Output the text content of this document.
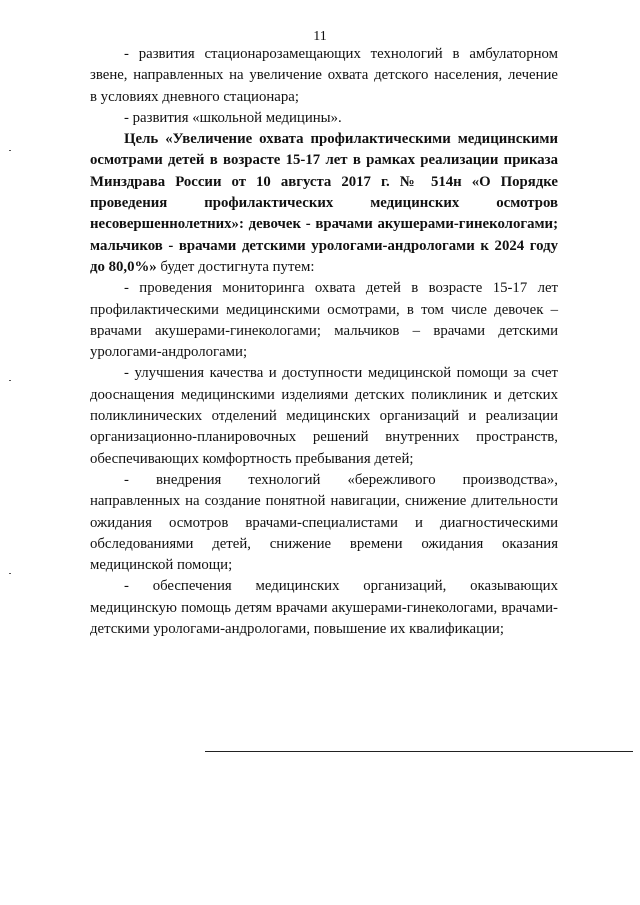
11
- развития стационарозамещающих технологий в амбулаторном
звене, направленных на увеличение охвата детского населения, лечение
в условиях дневного стационара;
- развития «школьной медицины».
Цель «Увеличение охвата профилактическими медицинскими
осмотрами детей в возрасте 15-17 лет в рамках реализации приказа
Минздрава России от 10 августа 2017 г. № 514н «О Порядке
проведения профилактических медицинских осмотров
несовершеннолетних»: девочек - врачами акушерами-гинекологами;
мальчиков - врачами детскими урологами-андрологами к 2024 году
до 80,0%» будет достигнута путем:
- проведения мониторинга охвата детей в возрасте 15-17 лет
профилактическими медицинскими осмотрами, в том числе девочек –
врачами акушерами-гинекологами; мальчиков – врачами детскими
урологами-андрологами;
- улучшения качества и доступности медицинской помощи за счет
дооснащения медицинскими изделиями детских поликлиник и детских
поликлинических отделений медицинских организаций и реализации
организационно-планировочных решений внутренних пространств,
обеспечивающих комфортность пребывания детей;
- внедрения технологий «бережливого производства»,
направленных на создание понятной навигации, снижение длительности
ожидания осмотров врачами-специалистами и диагностическими
обследованиями детей, снижение времени ожидания оказания
медицинской помощи;
- обеспечения медицинских организаций, оказывающих
медицинскую помощь детям врачами акушерами-гинекологами, врачами-
детскими урологами-андрологами, повышение их квалификации;
